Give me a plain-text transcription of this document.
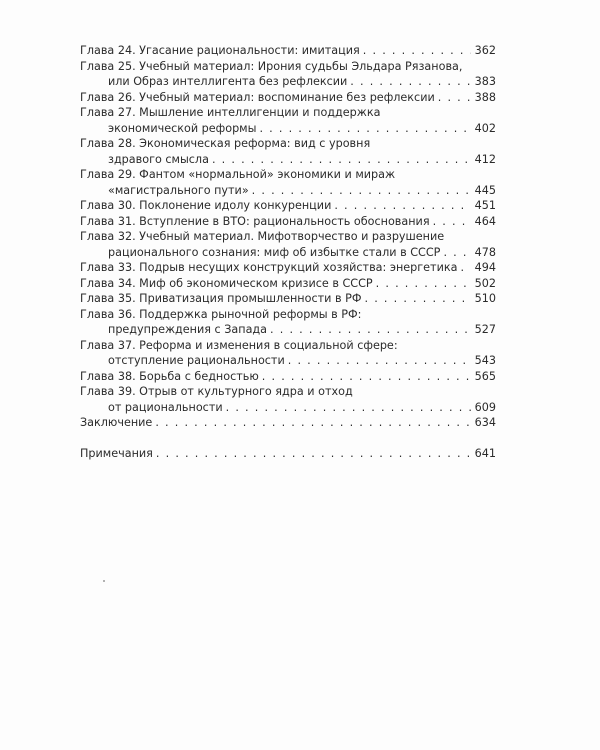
Глава 24. Угасание рациональности: имитация . . .	362
Глава 25. Учебный материал: Ирония судьбы Эльдара Рязанова,
или Образ интеллигента без рефлексии . . .	383
Глава 26. Учебный материал: воспоминание без рефлексии . . .	388
Глава 27. Мышление интеллигенции и поддержка
экономической реформы . . .	402
Глава 28. Экономическая реформа: вид с уровня
здравого смысла . . .	412
Глава 29. Фантом «нормальной» экономики и мираж
«магистрального пути» . . .	445
Глава 30. Поклонение идолу конкуренции . . .	451
Глава 31. Вступление в ВТО: рациональность обоснования . . .	464
Глава 32. Учебный материал. Мифотворчество и разрушение
рационального сознания: миф об избытке стали в СССР . . .	478
Глава 33. Подрыв несущих конструкций хозяйства: энергетика . . . 494
Глава 34. Миф об экономическом кризисе в СССР . . .	502
Глава 35. Приватизация промышленности в РФ . . .	510
Глава 36. Поддержка рыночной реформы в РФ:
предупреждения с Запада . . .	527
Глава 37. Реформа и изменения в социальной сфере:
отступление рациональности . . .	543
Глава 38. Борьба с бедностью . . .	565
Глава 39. Отрыв от культурного ядра и отход
от рациональности . . .	609
Заключение . . .	634
Примечания . . .	641
